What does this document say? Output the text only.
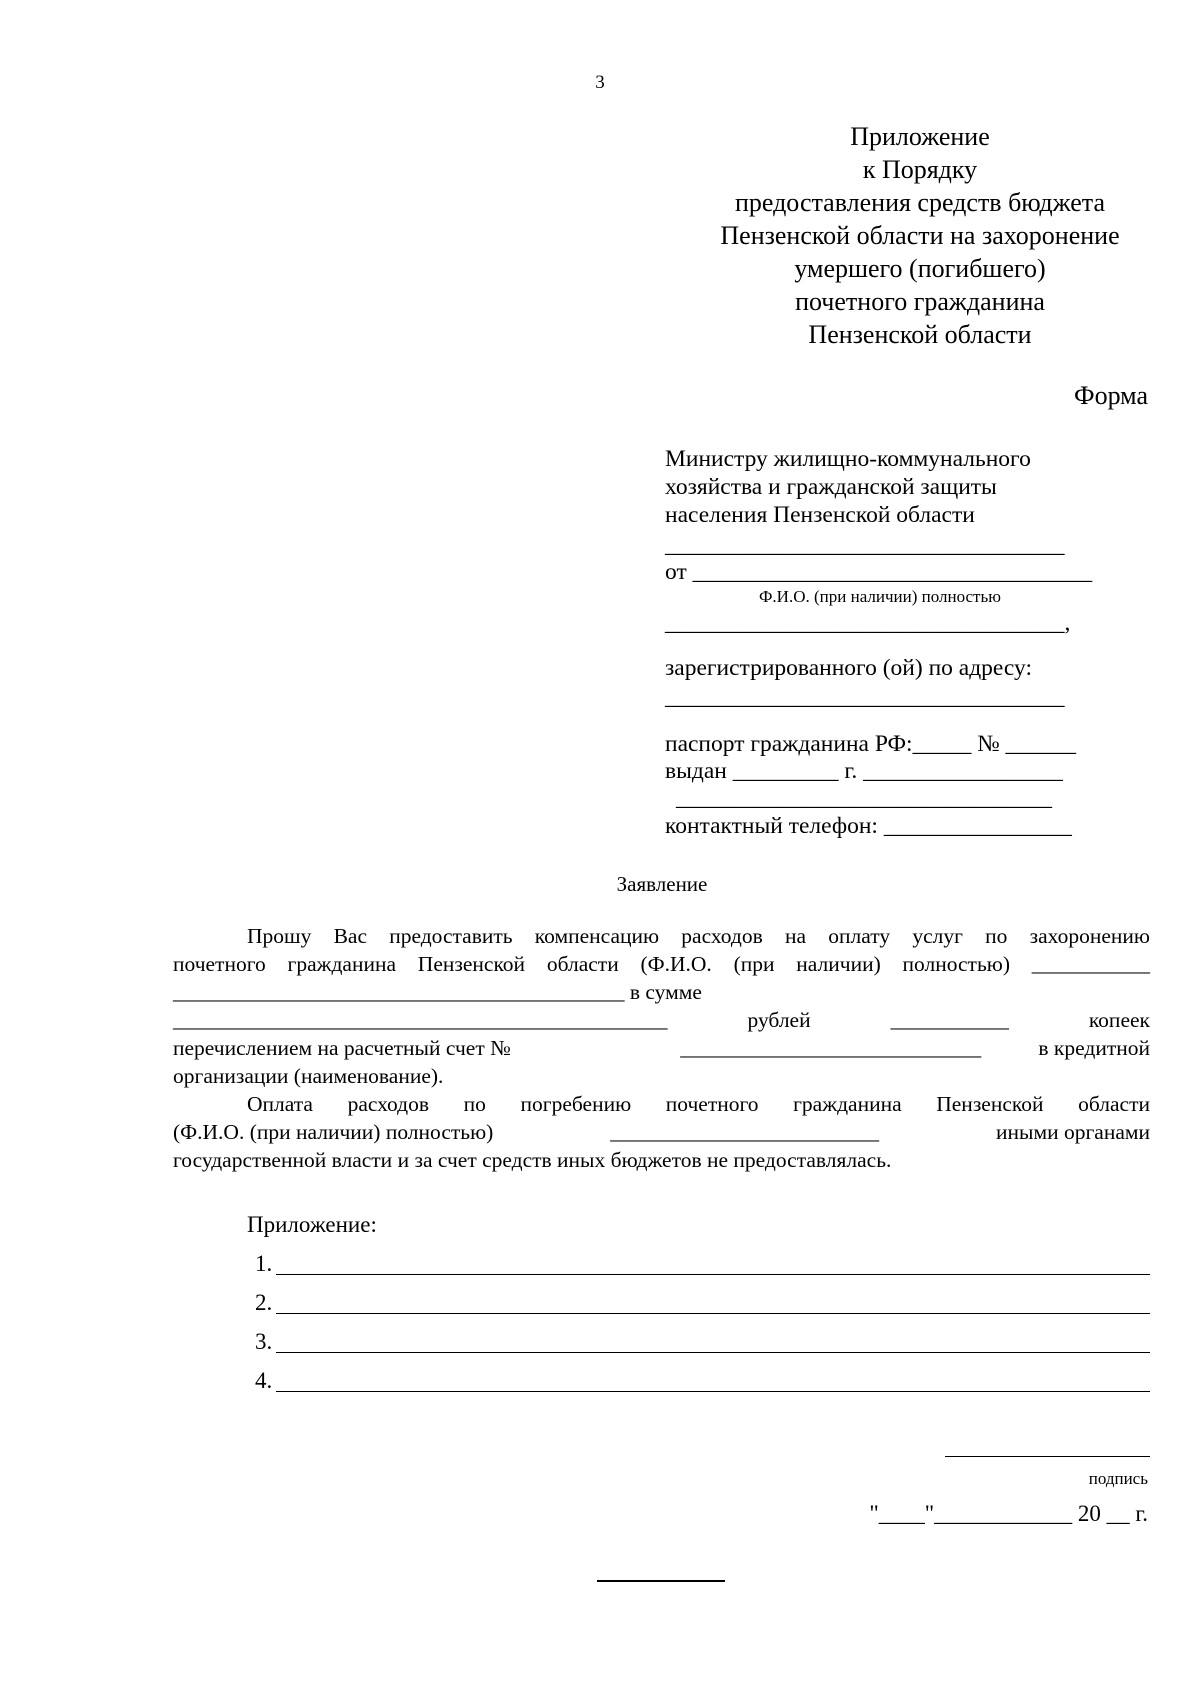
3
Приложение
к Порядку
предоставления средств бюджета
Пензенской области на захоронение
умершего (погибшего)
почетного гражданина
Пензенской области
Форма
Министру жилищно-коммунального
хозяйства и гражданской защиты
населения Пензенской области
__________________________________
от __________________________________
Ф.И.О. (при наличии) полностью
__________________________________,
зарегистрированного (ой) по адресу:
__________________________________
паспорт гражданина РФ:_____ № ______
выдан _________ г. _________________
________________________________
контактный телефон: ________________
Заявление
Прошу Вас предоставить компенсацию расходов на оплату услуг по захоронению
почетного гражданина Пензенской области (Ф.И.О. (при наличии) полностью) ___________
__________________________________________ в сумме
______________________________________________	рублей	___________	копеек
перечислением на расчетный счет №	____________________________	в кредитной
организации (наименование).
Оплата расходов по погребению почетного гражданина Пензенской области
(Ф.И.О. (при наличии) полностью)	_________________________	иными органами
государственной власти и за счет средств иных бюджетов не предоставлялась.
Приложение:
1.
2.
3.
4.
подпись
"____"____________ 20 __ г.
